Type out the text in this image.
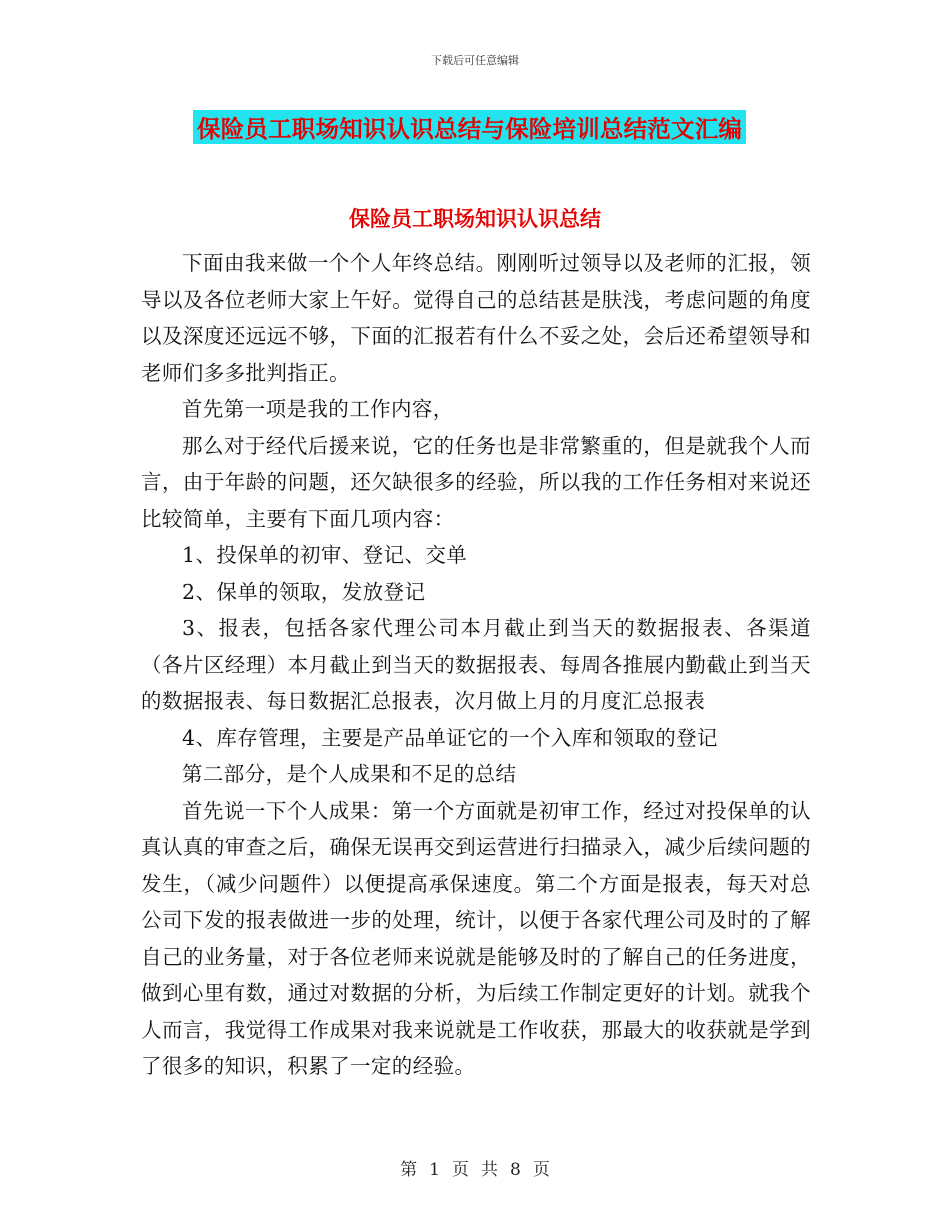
下载后可任意编辑
保险员工职场知识认识总结与保险培训总结范文汇编
保险员工职场知识认识总结

下面由我来做一个个人年终总结。刚刚听过领导以及老师的汇报，领导以及各位老师大家上午好。觉得自己的总结甚是肤浅，考虑问题的角度以及深度还远远不够，下面的汇报若有什么不妥之处，会后还希望领导和老师们多多批判指正。

首先第一项是我的工作内容，

那么对于经代后援来说，它的任务也是非常繁重的，但是就我个人而言，由于年龄的问题，还欠缺很多的经验，所以我的工作任务相对来说还比较简单，主要有下面几项内容：

1、投保单的初审、登记、交单

2、保单的领取，发放登记

3、报表，包括各家代理公司本月截止到当天的数据报表、各渠道（各片区经理）本月截止到当天的数据报表、每周各推展内勤截止到当天的数据报表、每日数据汇总报表，次月做上月的月度汇总报表

4、库存管理，主要是产品单证它的一个入库和领取的登记

第二部分，是个人成果和不足的总结

首先说一下个人成果：第一个方面就是初审工作，经过对投保单的认真认真的审查之后，确保无误再交到运营进行扫描录入，减少后续问题的发生，（减少问题件）以便提高承保速度。第二个方面是报表，每天对总公司下发的报表做进一步的处理，统计，以便于各家代理公司及时的了解自己的业务量，对于各位老师来说就是能够及时的了解自己的任务进度，做到心里有数，通过对数据的分析，为后续工作制定更好的计划。就我个人而言，我觉得工作成果对我来说就是工作收获，那最大的收获就是学到了很多的知识，积累了一定的经验。

第 1 页 共 8 页
